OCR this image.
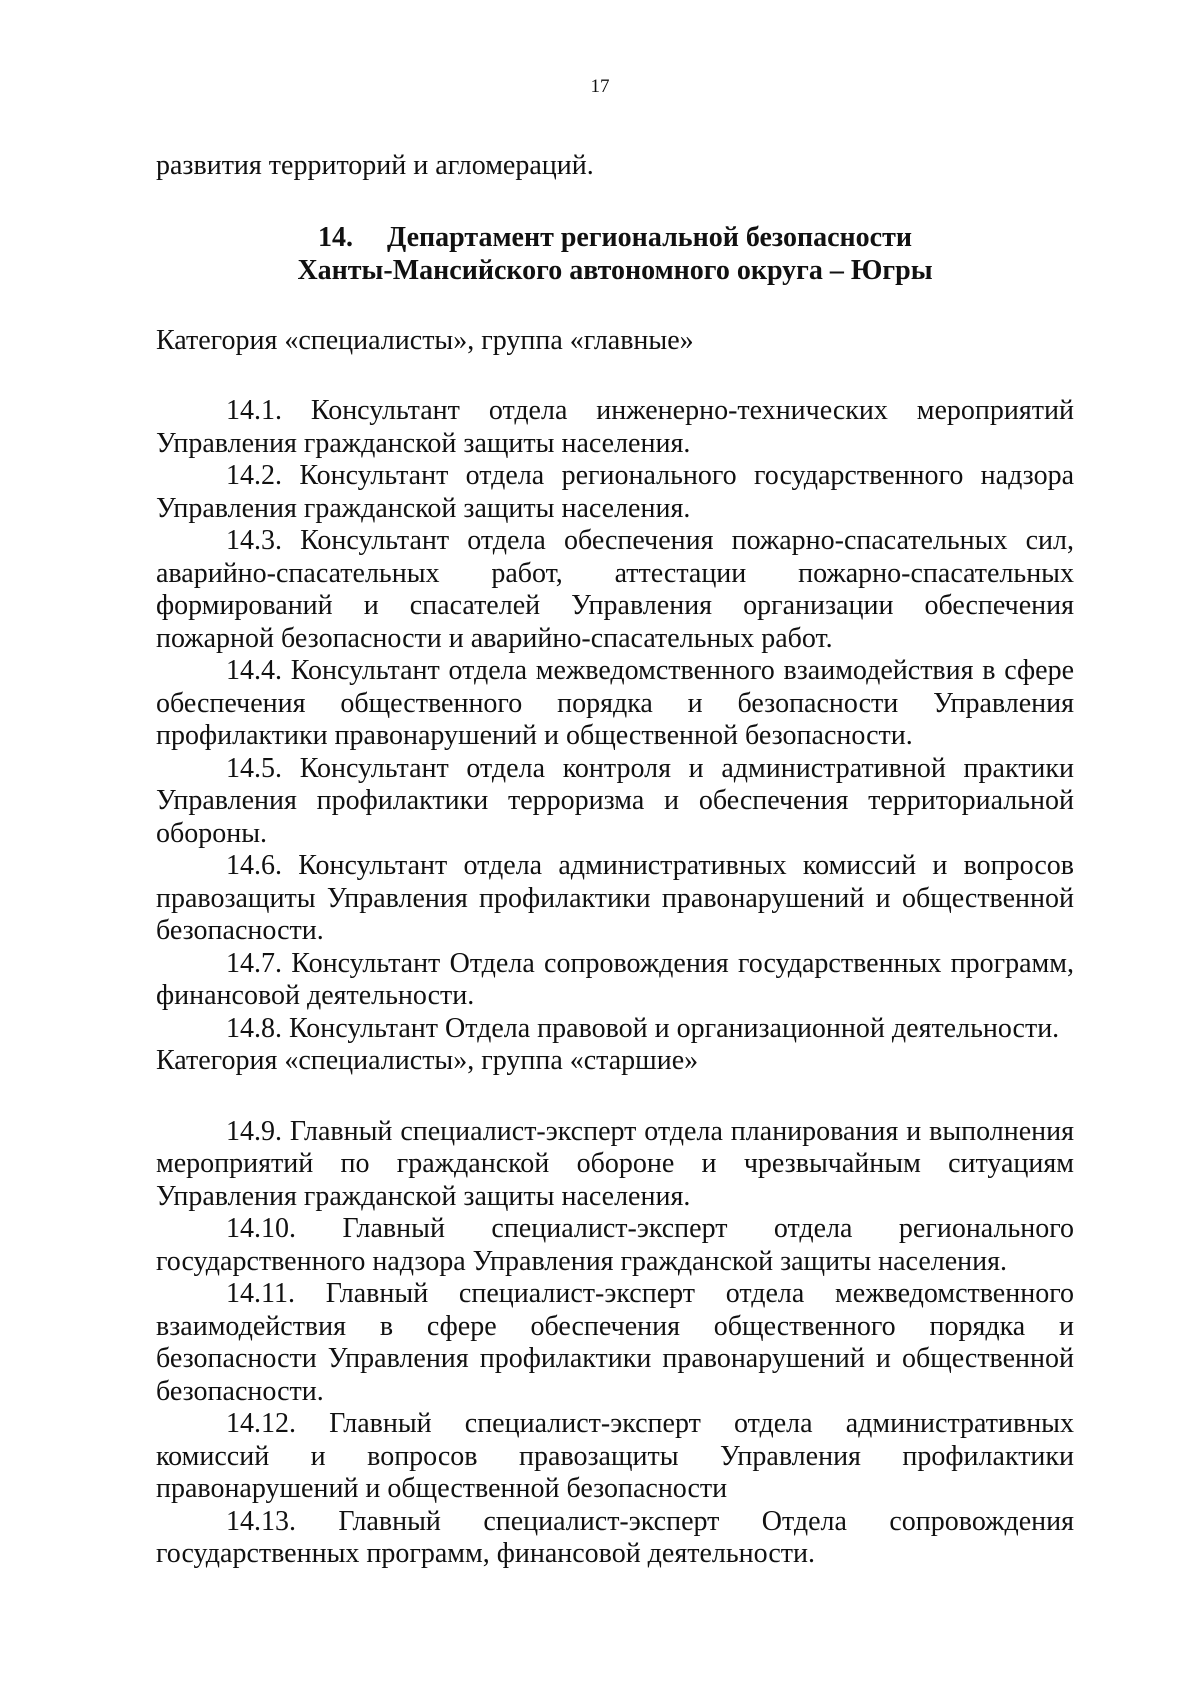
17

развития территорий и агломераций.

14. Департамент региональной безопасности
Ханты-Мансийского автономного округа – Югры

Категория «специалисты», группа «главные»

14.1. Консультант отдела инженерно-технических мероприятий Управления гражданской защиты населения.

14.2. Консультант отдела регионального государственного надзора Управления гражданской защиты населения.

14.3. Консультант отдела обеспечения пожарно-спасательных сил, аварийно-спасательных работ, аттестации пожарно-спасательных формирований и спасателей Управления организации обеспечения пожарной безопасности и аварийно-спасательных работ.

14.4. Консультант отдела межведомственного взаимодействия в сфере обеспечения общественного порядка и безопасности Управления профилактики правонарушений и общественной безопасности.

14.5. Консультант отдела контроля и административной практики Управления профилактики терроризма и обеспечения территориальной обороны.

14.6. Консультант отдела административных комиссий и вопросов правозащиты Управления профилактики правонарушений и общественной безопасности.

14.7. Консультант Отдела сопровождения государственных программ, финансовой деятельности.

14.8. Консультант Отдела правовой и организационной деятельности.

Категория «специалисты», группа «старшие»

14.9. Главный специалист-эксперт отдела планирования и выполнения мероприятий по гражданской обороне и чрезвычайным ситуациям Управления гражданской защиты населения.

14.10. Главный специалист-эксперт отдела регионального государственного надзора Управления гражданской защиты населения.

14.11. Главный специалист-эксперт отдела межведомственного взаимодействия в сфере обеспечения общественного порядка и безопасности Управления профилактики правонарушений и общественной безопасности.

14.12. Главный специалист-эксперт отдела административных комиссий и вопросов правозащиты Управления профилактики правонарушений и общественной безопасности

14.13. Главный специалист-эксперт Отдела сопровождения государственных программ, финансовой деятельности.
